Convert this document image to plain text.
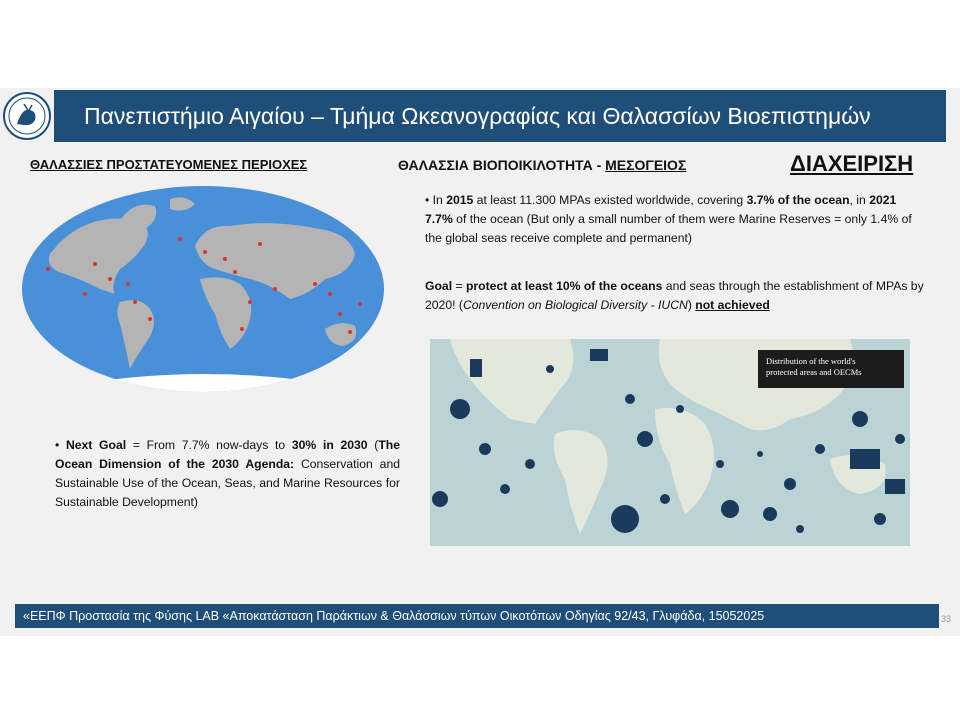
Πανεπιστήμιο Αιγαίου – Τμήμα Ωκεανογραφίας και Θαλασσίων Βιοεπιστημών
ΘΑΛΑΣΣΙΕΣ ΠΡΟΣΤΑΤΕΥΟΜΕΝΕΣ ΠΕΡΙΟΧΕΣ	ΘΑΛΑΣΣΙΑ ΒΙΟΠΟΙΚΙΛΟΤΗΤΑ - ΜΕΣΟΓΕΙΟΣ	ΔΙΑΧΕΙΡΙΣΗ
• In 2015 at least 11.300 MPAs existed worldwide, covering 3.7% of the ocean, in 2021 7.7% of the ocean (But only a small number of them were Marine Reserves = only 1.4% of the global seas receive complete and permanent)
Goal = protect at least 10% of the oceans and seas through the establishment of MPAs by 2020! (Convention on Biological Diversity - IUCN) not achieved
• Next Goal = From 7.7% now-days to 30% in 2030 (The Ocean Dimension of the 2030 Agenda: Conservation and Sustainable Use of the Ocean, Seas, and Marine Resources for Sustainable Development)
Distribution of the world's
protected areas and OECMs
«ΕΕΠΦ Προστασία της Φύσης LAB «Αποκατάσταση Παράκτιων & Θαλάσσιων τύπων Οικοτόπων Οδηγίας 92/43, Γλυφάδα, 15052025	33
